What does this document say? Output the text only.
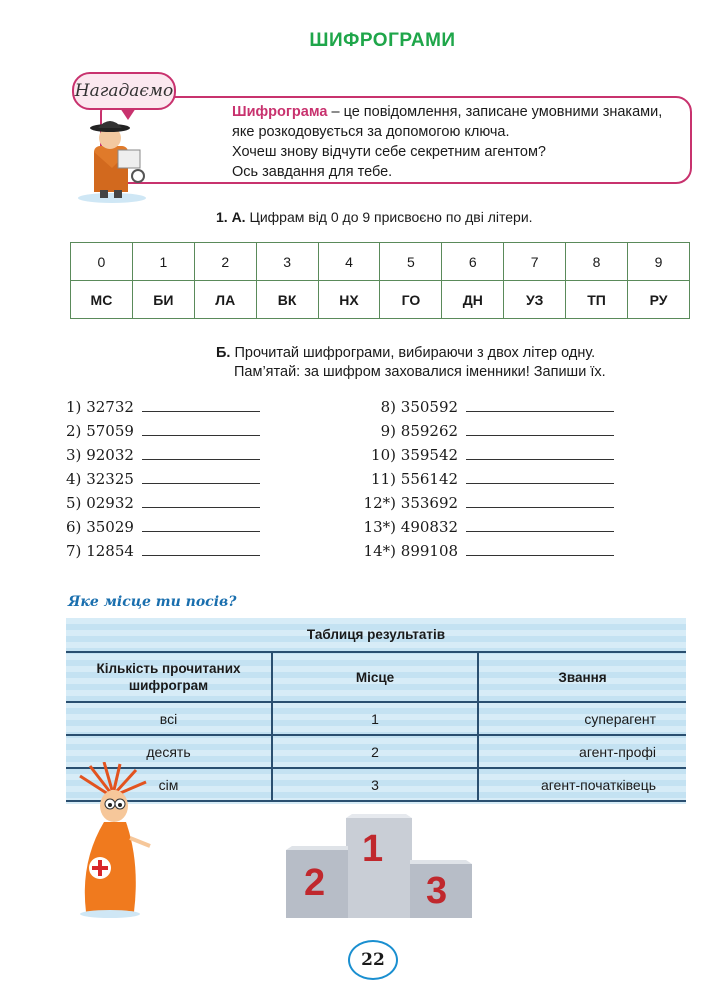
ШИФРОГРАМИ
Нагадаємо
Шифрограма – це повідомлення, записане умовними знаками, яке розкодовується за допомогою ключа.
Хочеш знову відчути себе секретним агентом?
Ось завдання для тебе.
1. А. Цифрам від 0 до 9 присвоєно по дві літери.
0	1	2	3	4	5	6	7	8	9
МС	БИ	ЛА	ВК	НХ	ГО	ДН	УЗ	ТП	РУ
Б. Прочитай шифрограми, вибираючи з двох літер одну.
Пам’ятай: за шифром заховалися іменники! Запиши їх.
1)
32732
2)
57059
3)
92032
4)
32325
5)
02932
6)
35029
7)
12854
8)
350592
9)
859262
10)
359542
11)
556142
12*)
353692
13*)
490832
14*)
899108
Яке місце ти посів?
Таблиця результатів		
Кількість прочитаних шифрограм	Місце	Звання
всі	1	суперагент
десять	2	агент-профі
сім	3	агент-початківець
1
2	3
22
